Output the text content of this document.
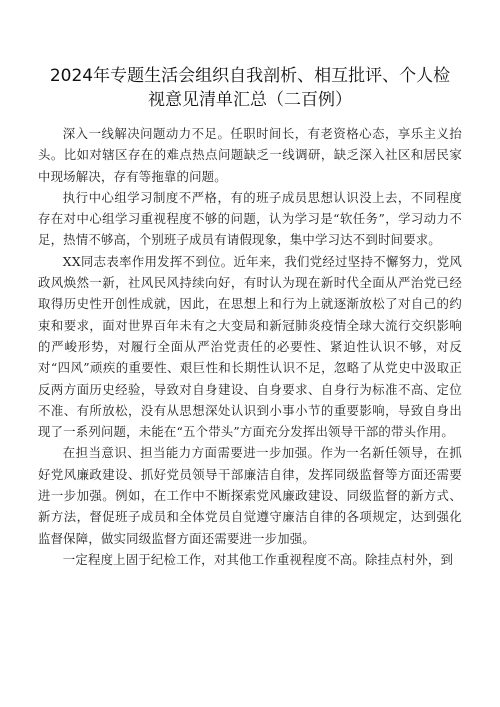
2024年专题生活会组织自我剖析、相互批评、个人检
视意见清单汇总（二百例）

深入一线解决问题动力不足。任职时间长，有老资格心态，享乐主义抬头。比如对辖区存在的难点热点问题缺乏一线调研，缺乏深入社区和居民家中现场解决，存有等拖靠的问题。

执行中心组学习制度不严格，有的班子成员思想认识没上去，不同程度存在对中心组学习重视程度不够的问题，认为学习是“软任务”，学习动力不足，热情不够高，个别班子成员有请假现象，集中学习达不到时间要求。

XX同志表率作用发挥不到位。近年来，我们党经过坚持不懈努力，党风政风焕然一新，社风民风持续向好，有时认为现在新时代全面从严治党已经取得历史性开创性成就，因此，在思想上和行为上就逐渐放松了对自己的约束和要求，面对世界百年未有之大变局和新冠肺炎疫情全球大流行交织影响的严峻形势，对履行全面从严治党责任的必要性、紧迫性认识不够，对反对“四风”顽疾的重要性、艰巨性和长期性认识不足，忽略了从党史中汲取正反两方面历史经验，导致对自身建设、自身要求、自身行为标准不高、定位不准、有所放松，没有从思想深处认识到小事小节的重要影响，导致自身出现了一系列问题，未能在“五个带头”方面充分发挥出领导干部的带头作用。

在担当意识、担当能力方面需要进一步加强。作为一名新任领导，在抓好党风廉政建设、抓好党员领导干部廉洁自律，发挥同级监督等方面还需要进一步加强。例如，在工作中不断探索党风廉政建设、同级监督的新方式、新方法，督促班子成员和全体党员自觉遵守廉洁自律的各项规定，达到强化监督保障，做实同级监督方面还需要进一步加强。

一定程度上固于纪检工作，对其他工作重视程度不高。除挂点村外，到
